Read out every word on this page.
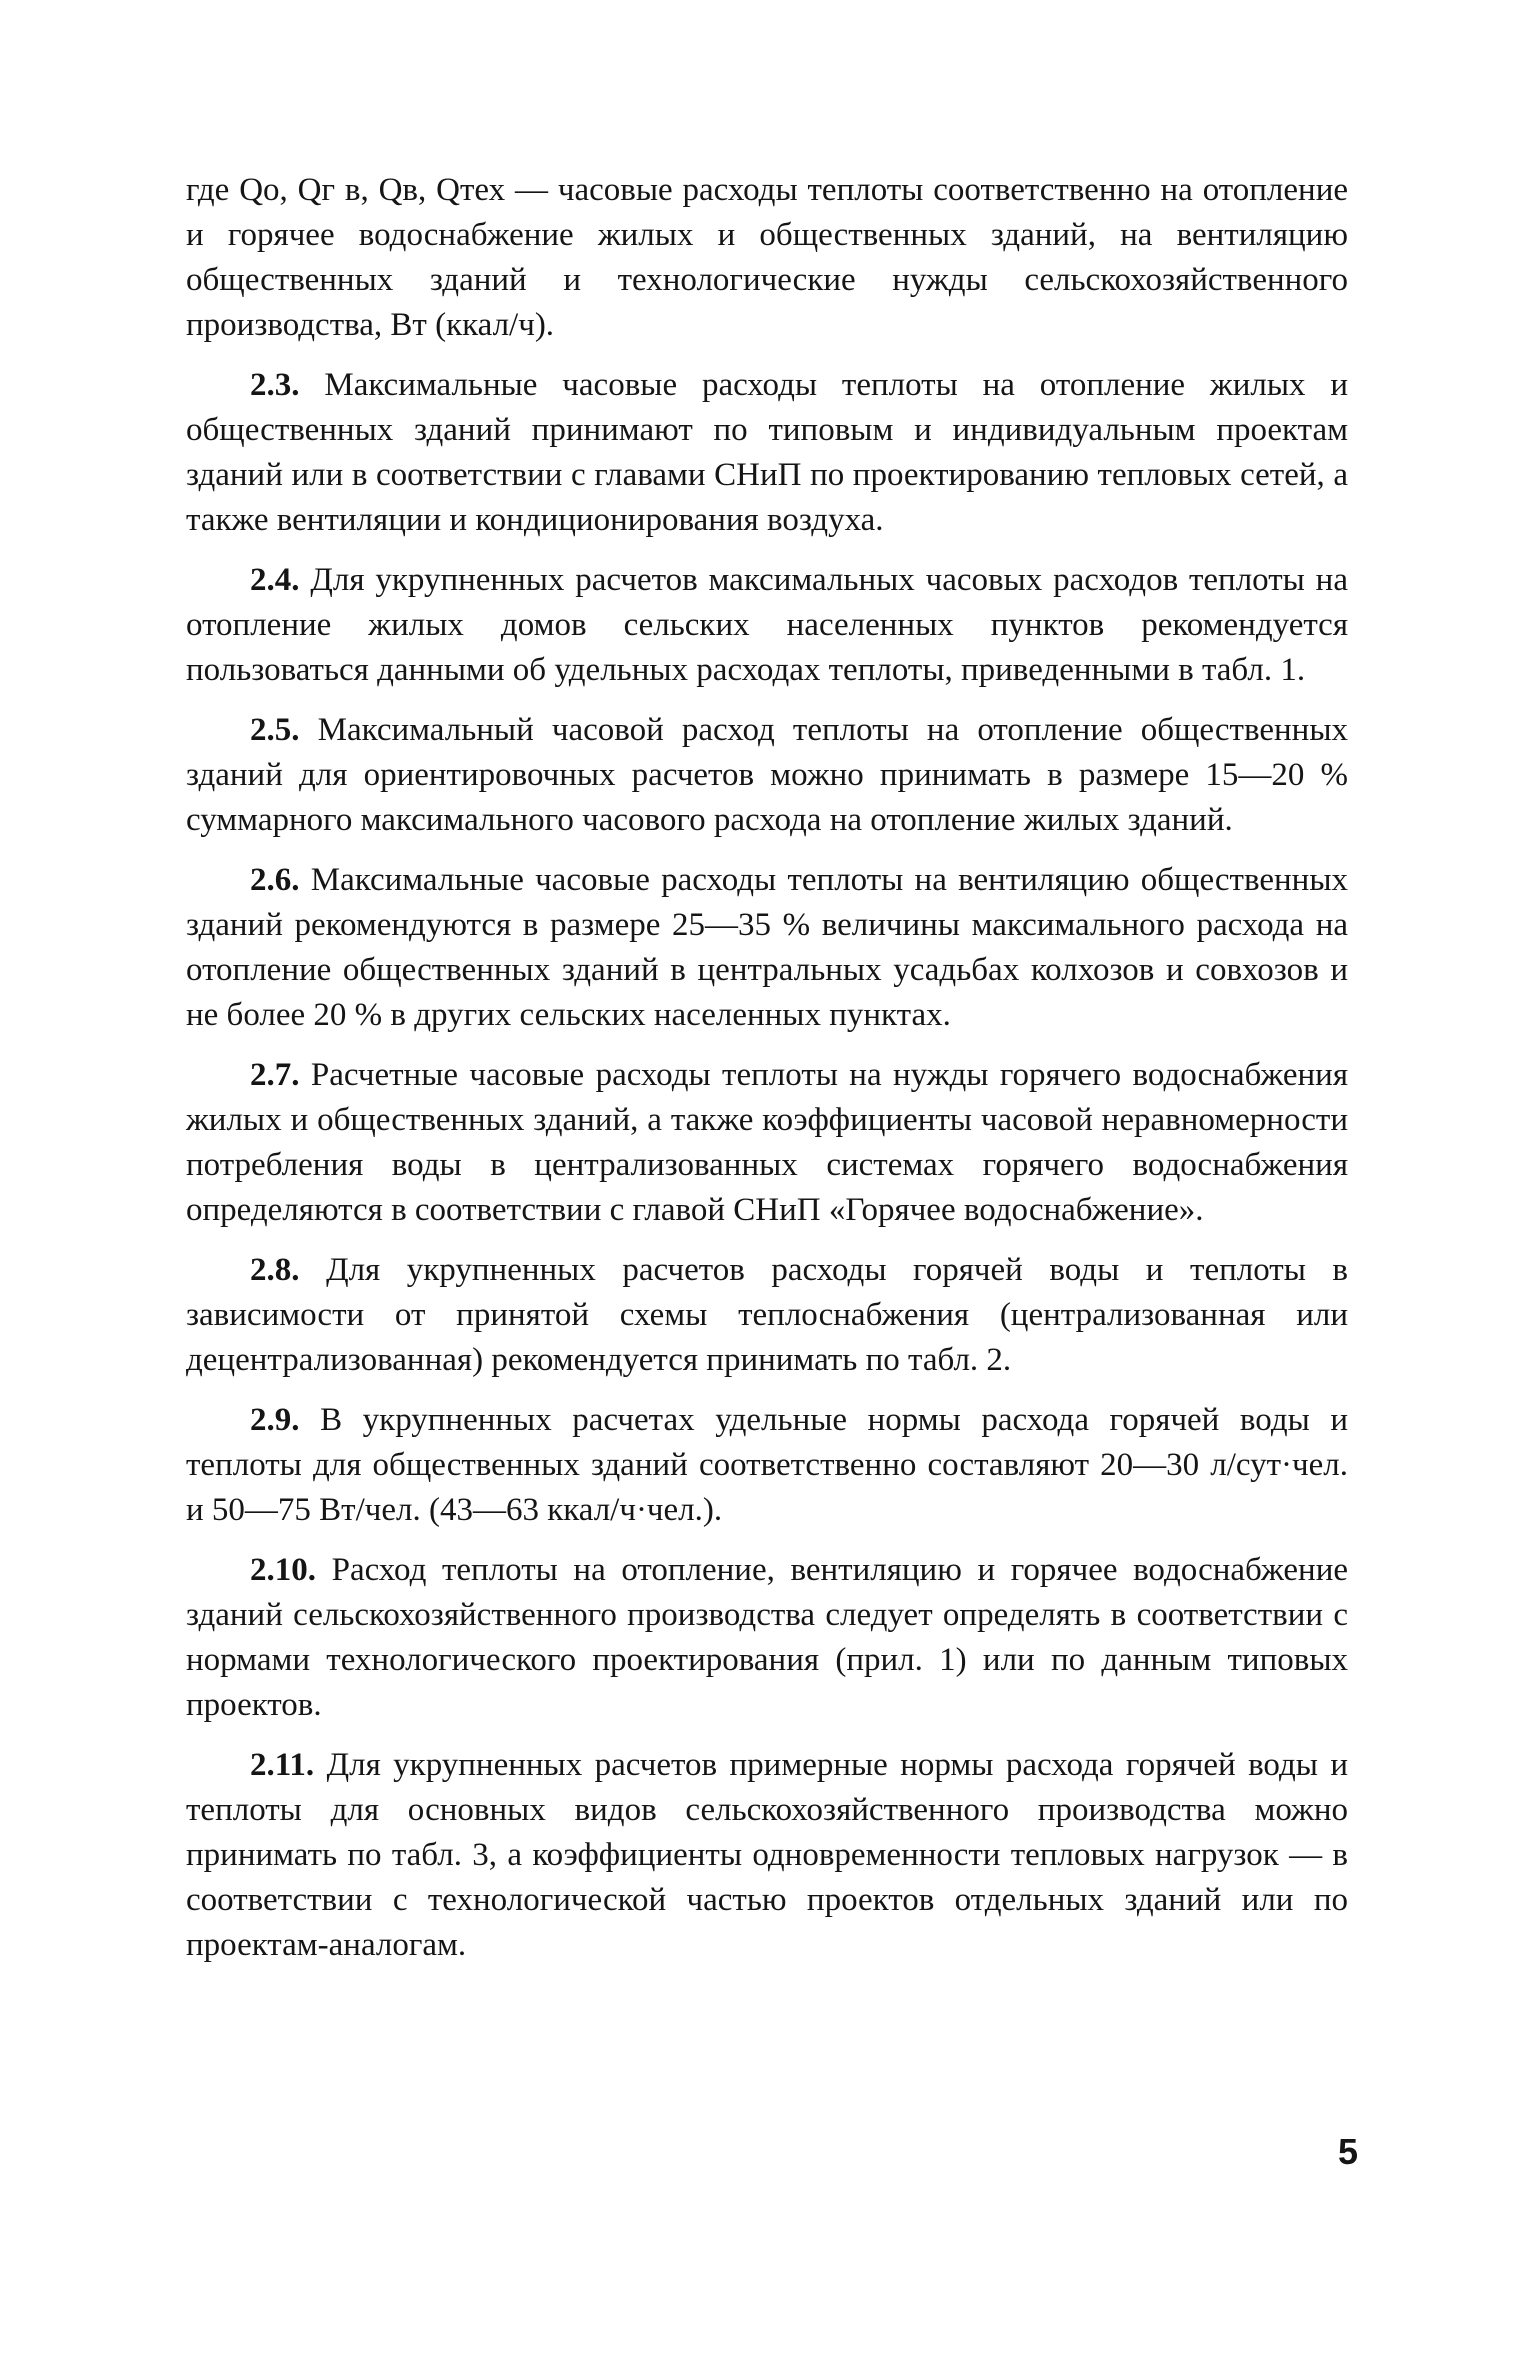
где Qo, Qг в, Qв, Qтех — часовые расходы теплоты соответственно на отопление и горячее водоснабжение жилых и общественных зданий, на вентиляцию общественных зданий и технологические нужды сельскохозяйственного производства, Вт (ккал/ч).

2.3. Максимальные часовые расходы теплоты на отопление жилых и общественных зданий принимают по типовым и индивидуальным проектам зданий или в соответствии с главами СНиП по проектированию тепловых сетей, а также вентиляции и кондиционирования воздуха.

2.4. Для укрупненных расчетов максимальных часовых расходов теплоты на отопление жилых домов сельских населенных пунктов рекомендуется пользоваться данными об удельных расходах теплоты, приведенными в табл. 1.

2.5. Максимальный часовой расход теплоты на отопление общественных зданий для ориентировочных расчетов можно принимать в размере 15—20 % суммарного максимального часового расхода на отопление жилых зданий.

2.6. Максимальные часовые расходы теплоты на вентиляцию общественных зданий рекомендуются в размере 25—35 % величины максимального расхода на отопление общественных зданий в центральных усадьбах колхозов и совхозов и не более 20 % в других сельских населенных пунктах.

2.7. Расчетные часовые расходы теплоты на нужды горячего водоснабжения жилых и общественных зданий, а также коэффициенты часовой неравномерности потребления воды в централизованных системах горячего водоснабжения определяются в соответствии с главой СНиП «Горячее водоснабжение».

2.8. Для укрупненных расчетов расходы горячей воды и теплоты в зависимости от принятой схемы теплоснабжения (централизованная или децентрализованная) рекомендуется принимать по табл. 2.

2.9. В укрупненных расчетах удельные нормы расхода горячей воды и теплоты для общественных зданий соответственно составляют 20—30 л/сут·чел. и 50—75 Вт/чел. (43—63 ккал/ч·чел.).

2.10. Расход теплоты на отопление, вентиляцию и горячее водоснабжение зданий сельскохозяйственного производства следует определять в соответствии с нормами технологического проектирования (прил. 1) или по данным типовых проектов.

2.11. Для укрупненных расчетов примерные нормы расхода горячей воды и теплоты для основных видов сельскохозяйственного производства можно принимать по табл. 3, а коэффициенты одновременности тепловых нагрузок — в соответствии с технологической частью проектов отдельных зданий или по проектам-аналогам.

5
